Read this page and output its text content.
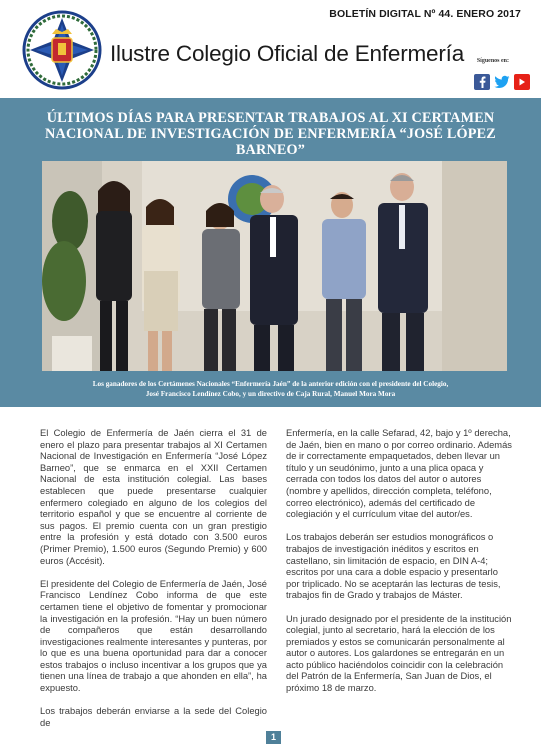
BOLETÍN DIGITAL Nº 44. ENERO 2017
Ilustre Colegio Oficial de Enfermería Síguenos en:
ÚLTIMOS DÍAS PARA PRESENTAR TRABAJOS AL XI CERTAMEN NACIONAL DE INVESTIGACIÓN DE ENFERMERÍA “JOSÉ LÓPEZ BARNEO”
Los ganadores de los Certámenes Nacionales “Enfermería Jaén” de la anterior edición con el presidente del Colegio,
José Francisco Lendínez Cobo, y un directivo de Caja Rural, Manuel Mora Mora

El Colegio de Enfermería de Jaén cierra el 31 de enero el plazo para presentar trabajos al XI Certamen Nacional de Investigación en Enfermería “José López Barneo”, que se enmarca en el XXII Certamen Nacional de esta institución colegial. Las bases establecen que puede presentarse cualquier enfermero colegiado en alguno de los colegios del territorio español y que se encuentre al corriente de sus pagos. El premio cuenta con un gran prestigio entre la profesión y está dotado con 3.500 euros (Primer Premio), 1.500 euros (Segundo Premio) y 600 euros (Accésit).

El presidente del Colegio de Enfermería de Jaén, José Francisco Lendínez Cobo informa de que este certamen tiene el objetivo de fomentar y promocionar la investigación en la profesión. “Hay un buen número de compañeros que están desarrollando investigaciones realmente interesantes y punteras, por lo que es una buena oportunidad para dar a conocer estos trabajos o incluso incentivar a los grupos que ya tienen una línea de trabajo a que ahonden en ella”, ha expuesto.

Los trabajos deberán enviarse a la sede del Colegio de

Enfermería, en la calle Sefarad, 42, bajo y 1º derecha, de Jaén, bien en mano o por correo ordinario. Además de ir correctamente empaquetados, deben llevar un título y un seudónimo, junto a una plica opaca y cerrada con todos los datos del autor o autores (nombre y apellidos, dirección completa, teléfono, correo electrónico), además del certificado de colegiación y el currículum vitae del autor/es.

Los trabajos deberán ser estudios monográficos o trabajos de investigación inéditos y escritos en castellano, sin limitación de espacio, en DIN A-4; escritos por una cara a doble espacio y presentarlo por triplicado. No se aceptarán las lecturas de tesis, trabajos fin de Grado y trabajos de Máster.

Un jurado designado por el presidente de la institución colegial, junto al secretario, hará la elección de los premiados y estos se comunicarán personalmente al autor o autores. Los galardones se entregarán en un acto público haciéndolos coincidir con la celebración del Patrón de la Enfermería, San Juan de Dios, el próximo 18 de marzo.

1
